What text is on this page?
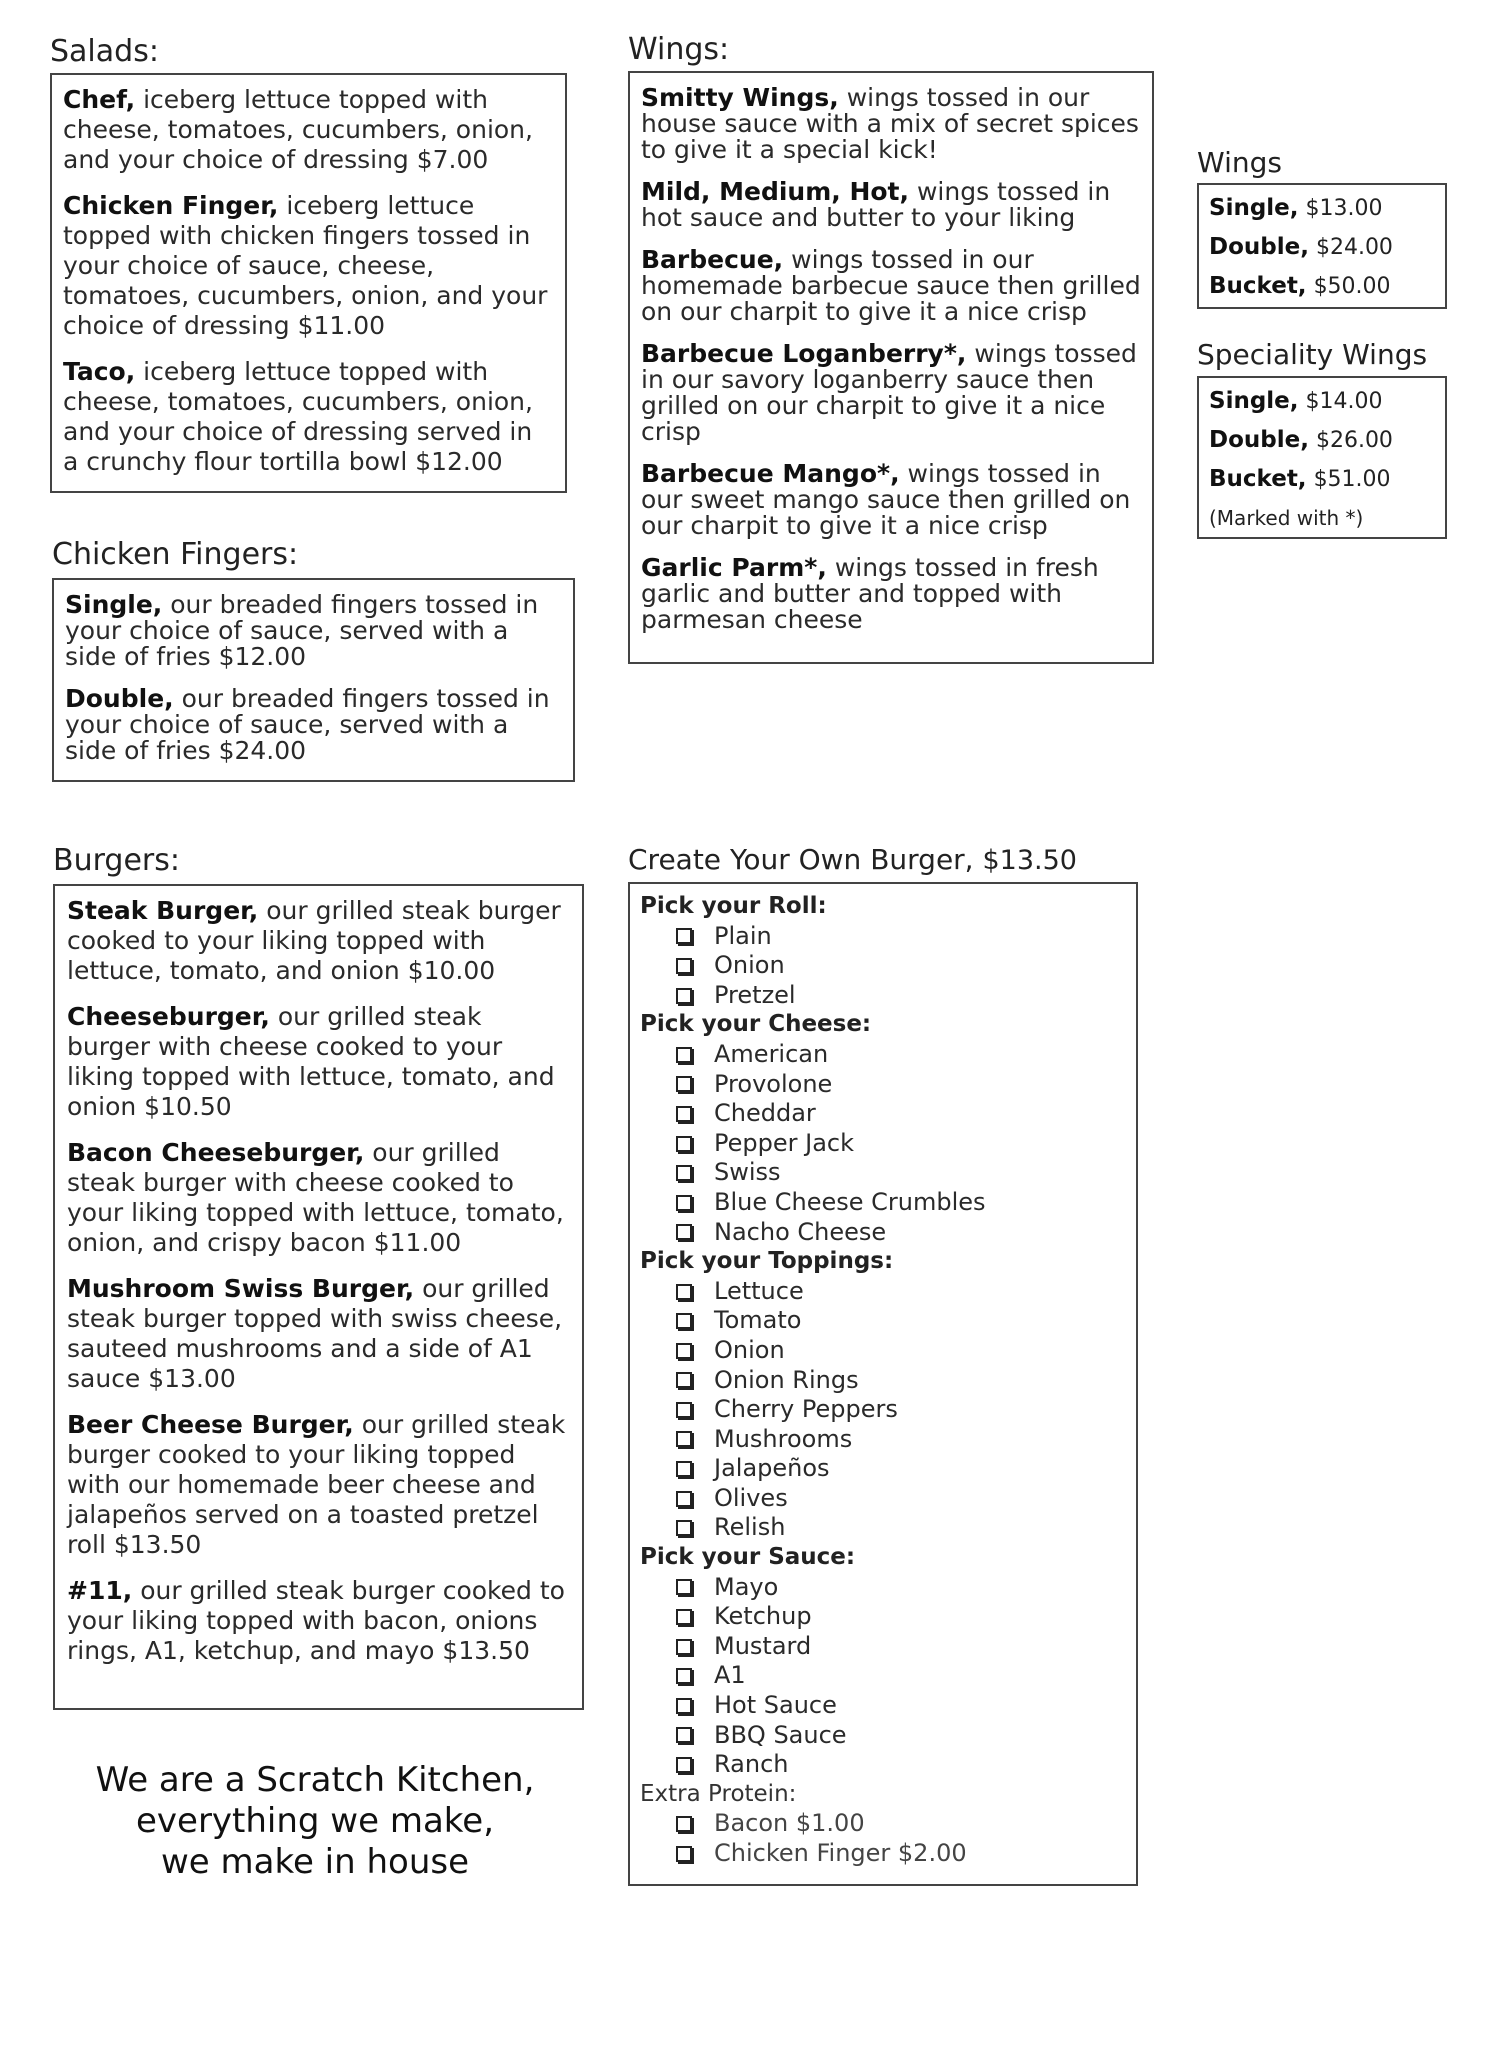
Salads:

Chef, iceberg lettuce topped with cheese, tomatoes, cucumbers, onion, and your choice of dressing $7.00

Chicken Finger, iceberg lettuce topped with chicken fingers tossed in your choice of sauce, cheese, tomatoes, cucumbers, onion, and your choice of dressing $11.00

Taco, iceberg lettuce topped with cheese, tomatoes, cucumbers, onion, and your choice of dressing served in a crunchy flour tortilla bowl $12.00

Chicken Fingers:

Single, our breaded fingers tossed in your choice of sauce, served with a side of fries $12.00

Double, our breaded fingers tossed in your choice of sauce, served with a side of fries $24.00

Burgers:

Steak Burger, our grilled steak burger cooked to your liking topped with lettuce, tomato, and onion $10.00

Cheeseburger, our grilled steak burger with cheese cooked to your liking topped with lettuce, tomato, and onion $10.50

Bacon Cheeseburger, our grilled steak burger with cheese cooked to your liking topped with lettuce, tomato, onion, and crispy bacon $11.00

Mushroom Swiss Burger, our grilled steak burger topped with swiss cheese, sauteed mushrooms and a side of A1 sauce $13.00

Beer Cheese Burger, our grilled steak burger cooked to your liking topped with our homemade beer cheese and jalapeños served on a toasted pretzel roll $13.50

#11, our grilled steak burger cooked to your liking topped with bacon, onions rings, A1, ketchup, and mayo $13.50

We are a Scratch Kitchen,
everything we make,
we make in house

Wings:

Smitty Wings, wings tossed in our house sauce with a mix of secret spices to give it a special kick!

Mild, Medium, Hot, wings tossed in hot sauce and butter to your liking

Barbecue, wings tossed in our homemade barbecue sauce then grilled on our charpit to give it a nice crisp

Barbecue Loganberry*, wings tossed in our savory loganberry sauce then grilled on our charpit to give it a nice crisp

Barbecue Mango*, wings tossed in our sweet mango sauce then grilled on our charpit to give it a nice crisp

Garlic Parm*, wings tossed in fresh garlic and butter and topped with parmesan cheese

Wings

Single, $13.00

Double, $24.00

Bucket, $50.00

Speciality Wings

Single, $14.00

Double, $26.00

Bucket, $51.00

(Marked with *)

Create Your Own Burger, $13.50
Pick your Roll:
Plain
Onion
Pretzel
Pick your Cheese:
American
Provolone
Cheddar
Pepper Jack
Swiss
Blue Cheese Crumbles
Nacho Cheese
Pick your Toppings:
Lettuce
Tomato
Onion
Onion Rings
Cherry Peppers
Mushrooms
Jalapeños
Olives
Relish
Pick your Sauce:
Mayo
Ketchup
Mustard
A1
Hot Sauce
BBQ Sauce
Ranch
Extra Protein:
Bacon $1.00
Chicken Finger $2.00
